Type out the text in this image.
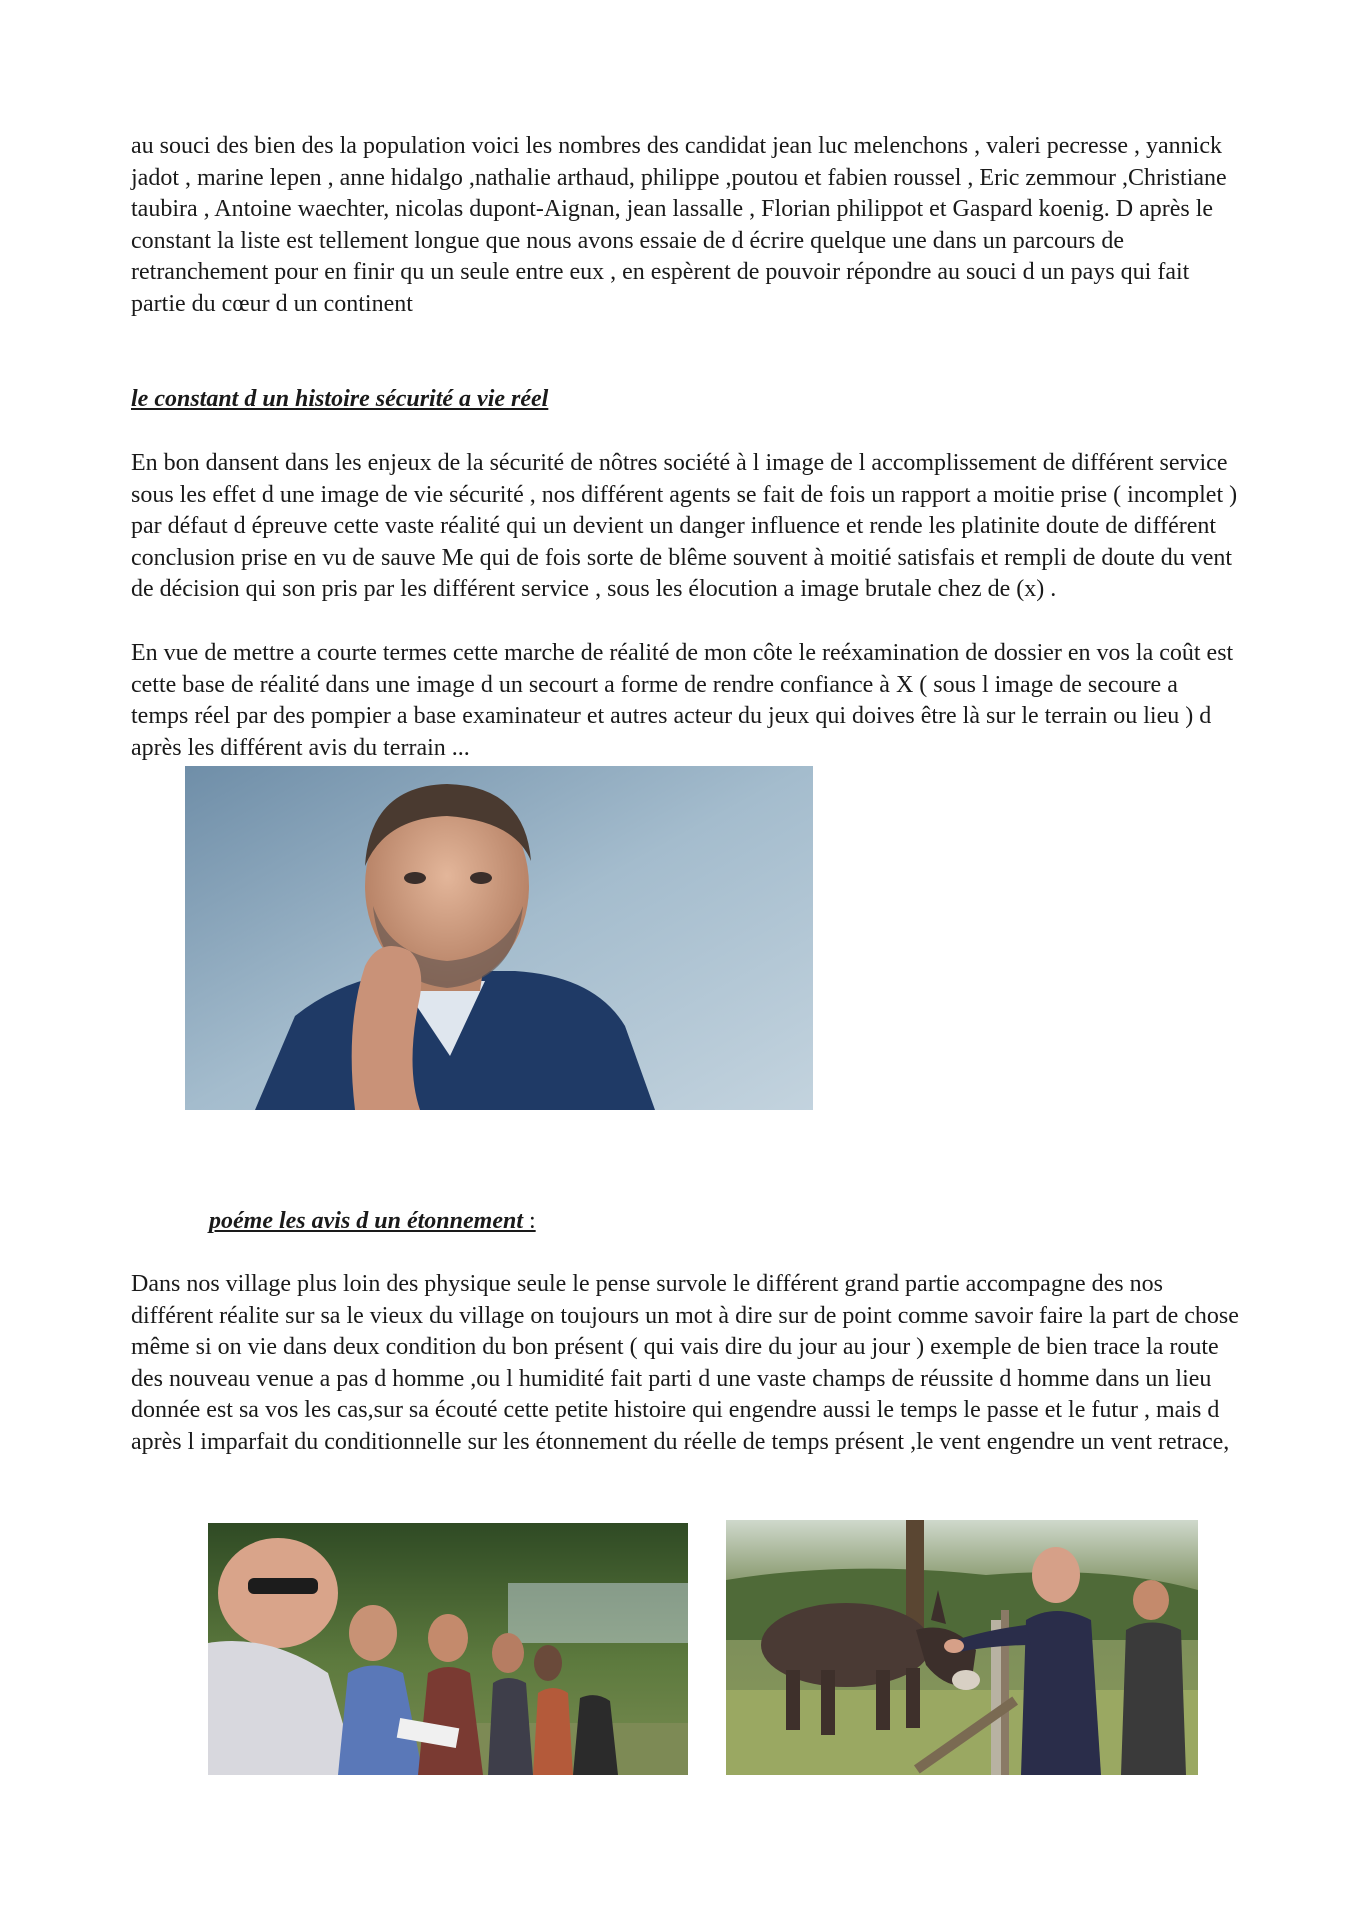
au souci des bien des la population voici les nombres des candidat jean luc melenchons , valeri pecresse , yannick jadot , marine lepen , anne hidalgo ,nathalie arthaud, philippe ,poutou et fabien roussel , Eric zemmour ,Christiane taubira , Antoine waechter, nicolas dupont-Aignan, jean lassalle , Florian philippot et Gaspard koenig. D après le constant la liste est tellement longue que nous avons essaie de d écrire quelque une dans un parcours de retranchement pour en finir qu un seule entre eux , en espèrent de pouvoir répondre au souci d un pays qui fait partie du cœur d un continent

le constant d un histoire sécurité a vie réel

En bon dansent dans les enjeux de la sécurité de nôtres société à l image de l accomplissement de différent service sous les effet d une image de vie sécurité , nos différent agents se fait de fois un rapport a moitie prise ( incomplet ) par défaut d épreuve cette vaste réalité qui un devient un danger influence et rende les platinite doute de différent conclusion prise en vu de sauve Me qui de fois sorte de blême souvent à moitié satisfais et rempli de doute du vent de décision qui son pris par les différent service , sous les élocution a image brutale chez de (x) .

En vue de mettre a courte termes cette marche de réalité de mon côte le reéxamination de dossier en vos la coût est cette base de réalité dans une image d un secourt a forme de rendre confiance à X ( sous l image de secoure a temps réel par des pompier a base examinateur et autres acteur du jeux qui doives être là sur le terrain ou lieu ) d après les différent avis du terrain ...

poéme les avis d un étonnement :

Dans nos village plus loin des physique seule le pense survole le différent grand partie accompagne des nos différent réalite sur sa le vieux du village on toujours un mot à dire sur de point comme savoir faire la part de chose même si on vie dans deux condition du bon présent ( qui vais dire du jour au jour ) exemple de bien trace la route des nouveau venue a pas d homme ,ou l humidité fait parti d une vaste champs de réussite d homme dans un lieu donnée est sa vos les cas,sur sa écouté cette petite histoire qui engendre aussi le temps le passe et le futur , mais d après l imparfait du conditionnelle sur les étonnement du réelle de temps présent ,le vent engendre un vent retrace,
